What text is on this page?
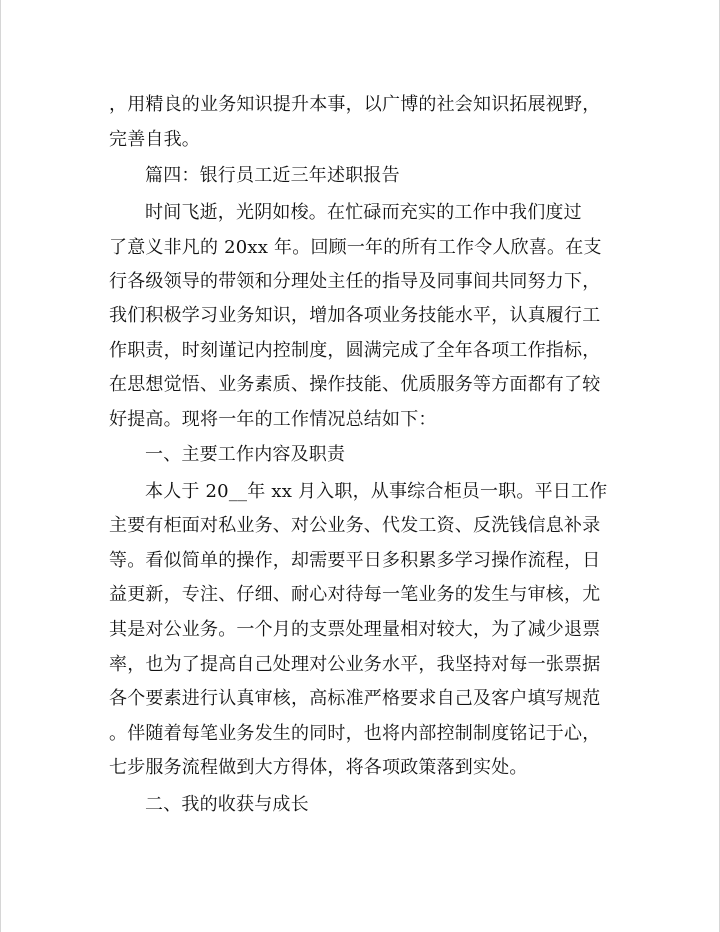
，用精良的业务知识提升本事，以广博的社会知识拓展视野，
完善自我。
篇四：银行员工近三年述职报告
时间飞逝，光阴如梭。在忙碌而充实的工作中我们度过
了意义非凡的 20xx 年。回顾一年的所有工作令人欣喜。在支
行各级领导的带领和分理处主任的指导及同事间共同努力下，
我们积极学习业务知识，增加各项业务技能水平，认真履行工
作职责，时刻谨记内控制度，圆满完成了全年各项工作指标，
在思想觉悟、业务素质、操作技能、优质服务等方面都有了较
好提高。现将一年的工作情况总结如下：
一、主要工作内容及职责
本人于 20__年 xx 月入职，从事综合柜员一职。平日工作
主要有柜面对私业务、对公业务、代发工资、反洗钱信息补录
等。看似简单的操作，却需要平日多积累多学习操作流程，日
益更新，专注、仔细、耐心对待每一笔业务的发生与审核，尤
其是对公业务。一个月的支票处理量相对较大，为了减少退票
率，也为了提高自己处理对公业务水平，我坚持对每一张票据
各个要素进行认真审核，高标准严格要求自己及客户填写规范
。伴随着每笔业务发生的同时，也将内部控制制度铭记于心，
七步服务流程做到大方得体，将各项政策落到实处。
二、我的收获与成长
